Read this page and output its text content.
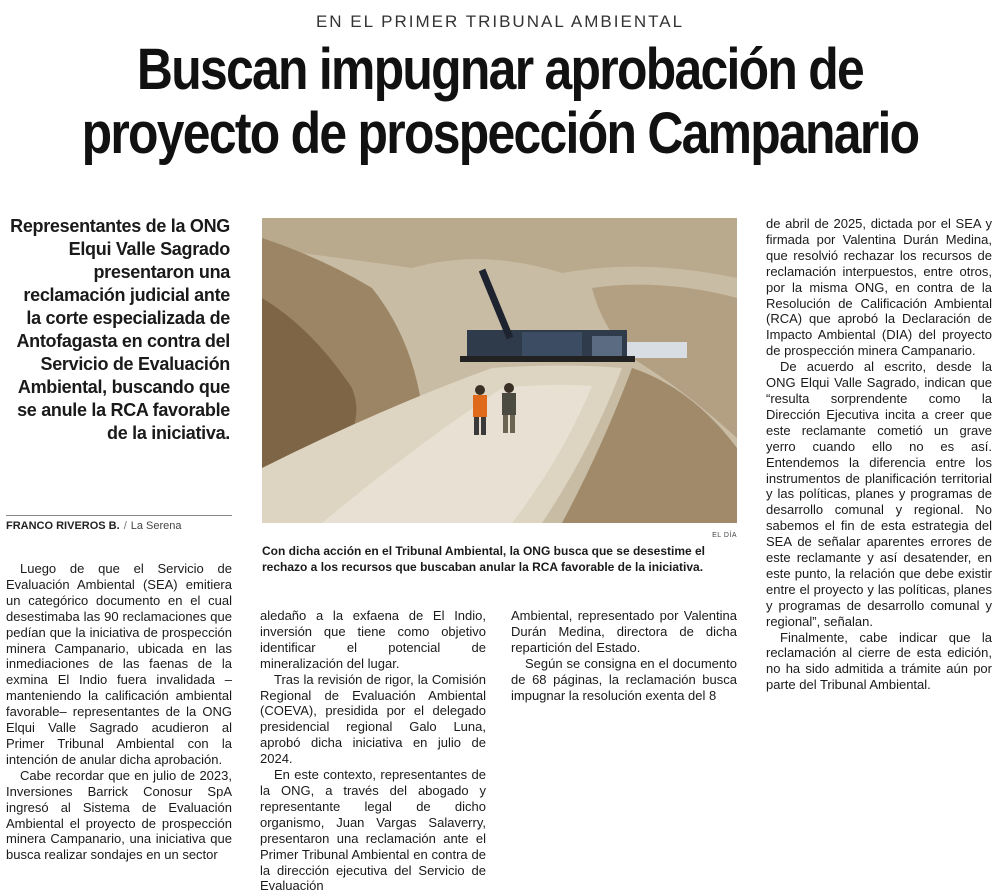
EN EL PRIMER TRIBUNAL AMBIENTAL
Buscan impugnar aprobación de
proyecto de prospección Campanario
Representantes de la ONG Elqui Valle Sagrado presentaron una reclamación judicial ante la corte especializada de Antofagasta en contra del Servicio de Evaluación Ambiental, buscando que se anule la RCA favorable de la iniciativa.
FRANCO RIVEROS B. / La Serena
EL DÍA
Con dicha acción en el Tribunal Ambiental, la ONG busca que se desestime el rechazo a los recursos que buscaban anular la RCA favorable de la iniciativa.

Luego de que el Servicio de Evaluación Ambiental (SEA) emitiera un categórico documento en el cual desestimaba las 90 reclamaciones que pedían que la iniciativa de prospección minera Campanario, ubicada en las inmediaciones de las faenas de la exmina El Indio fuera invalidada –manteniendo la calificación ambiental favorable– representantes de la ONG Elqui Valle Sagrado acudieron al Primer Tribunal Ambiental con la intención de anular dicha aprobación.

Cabe recordar que en julio de 2023, Inversiones Barrick Conosur SpA ingresó al Sistema de Evaluación Ambiental el proyecto de prospección minera Campanario, una iniciativa que busca realizar sondajes en un sector

aledaño a la exfaena de El Indio, inversión que tiene como objetivo identificar el potencial de mineralización del lugar.

Tras la revisión de rigor, la Comisión Regional de Evaluación Ambiental (COEVA), presidida por el delegado presidencial regional Galo Luna, aprobó dicha iniciativa en julio de 2024.

En este contexto, representantes de la ONG, a través del abogado y representante legal de dicho organismo, Juan Vargas Salaverry, presentaron una reclamación ante el Primer Tribunal Ambiental en contra de la dirección ejecutiva del Servicio de Evaluación

Ambiental, representado por Valentina Durán Medina, directora de dicha repartición del Estado.

Según se consigna en el documento de 68 páginas, la reclamación busca impugnar la resolución exenta del 8

de abril de 2025, dictada por el SEA y firmada por Valentina Durán Medina, que resolvió rechazar los recursos de reclamación interpuestos, entre otros, por la misma ONG, en contra de la Resolución de Calificación Ambiental (RCA) que aprobó la Declaración de Impacto Ambiental (DIA) del proyecto de prospección minera Campanario.

De acuerdo al escrito, desde la ONG Elqui Valle Sagrado, indican que “resulta sorprendente como la Dirección Ejecutiva incita a creer que este reclamante cometió un grave yerro cuando ello no es así. Entendemos la diferencia entre los instrumentos de planificación territorial y las políticas, planes y programas de desarrollo comunal y regional. No sabemos el fin de esta estrategia del SEA de señalar aparentes errores de este reclamante y así desatender, en este punto, la relación que debe existir entre el proyecto y las políticas, planes y programas de desarrollo comunal y regional”, señalan.

Finalmente, cabe indicar que la reclamación al cierre de esta edición, no ha sido admitida a trámite aún por parte del Tribunal Ambiental.
